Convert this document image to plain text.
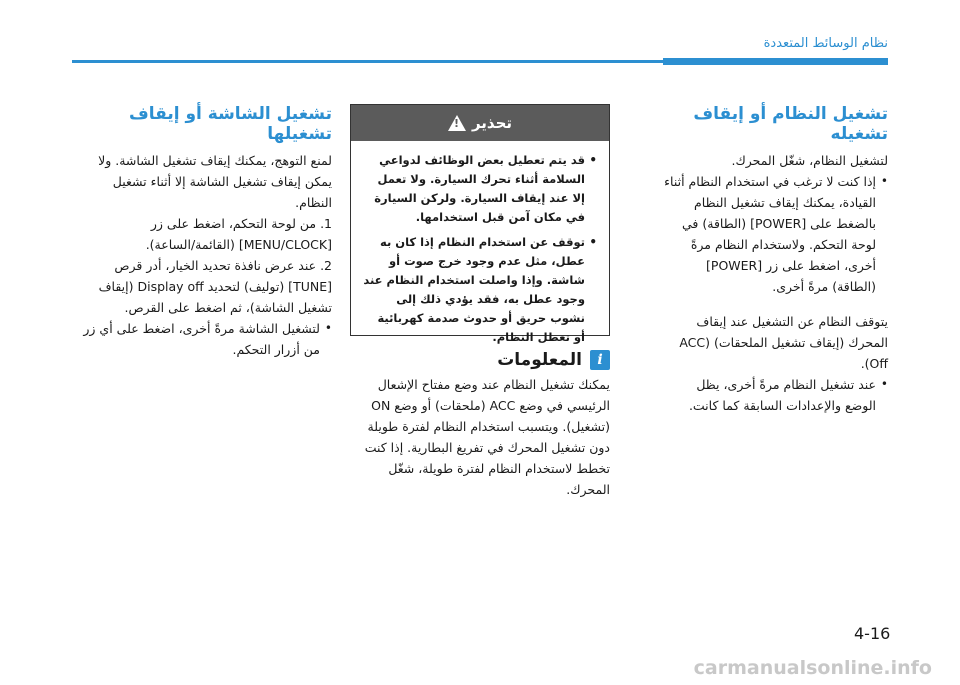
نظام الوسائط المتعددة
تشغيل النظام أو إيقاف تشغيله

لتشغيل النظام، شغّل المحرك.

• إذا كنت لا ترغب في استخدام النظام أثناء القيادة، يمكنك إيقاف تشغيل النظام بالضغط على [POWER] (الطاقة) في لوحة التحكم. ولاستخدام النظام مرةً أخرى، اضغط على زر [POWER] (الطاقة) مرةً أخرى.

يتوقف النظام عن التشغيل عند إيقاف المحرك (إيقاف تشغيل الملحقات) (ACC Off).

• عند تشغيل النظام مرةً أخرى، يظل الوضع والإعدادات السابقة كما كانت.
تحذير
!
• قد يتم تعطيل بعض الوظائف لدواعي السلامة أثناء تحرك السيارة. ولا تعمل إلا عند إيقاف السيارة. ولركن السيارة في مكان آمن قبل استخدامها.
• توقف عن استخدام النظام إذا كان به عطل، مثل عدم وجود خرج صوت أو شاشة. وإذا واصلت استخدام النظام عند وجود عطل به، فقد يؤدي ذلك إلى نشوب حريق أو حدوث صدمة كهربائية أو تعطل النظام.
i
المعلومات

يمكنك تشغيل النظام عند وضع مفتاح الإشعال الرئيسي في وضع ACC (ملحقات) أو وضع ON (تشغيل). ويتسبب استخدام النظام لفترة طويلة دون تشغيل المحرك في تفريغ البطارية. إذا كنت تخطط لاستخدام النظام لفترة طويلة، شغّل المحرك.

تشغيل الشاشة أو إيقاف تشغيلها

لمنع التوهج، يمكنك إيقاف تشغيل الشاشة. ولا يمكن إيقاف تشغيل الشاشة إلا أثناء تشغيل النظام.

1. من لوحة التحكم، اضغط على زر [MENU/CLOCK] (القائمة/الساعة).
2. عند عرض نافذة تحديد الخيار، أدر قرص [TUNE] (توليف) لتحديد Display off (إيقاف تشغيل الشاشة)، ثم اضغط على القرص.
• لتشغيل الشاشة مرةً أخرى، اضغط على أي زر من أزرار التحكم.
4-16
carmanualsonline.info
